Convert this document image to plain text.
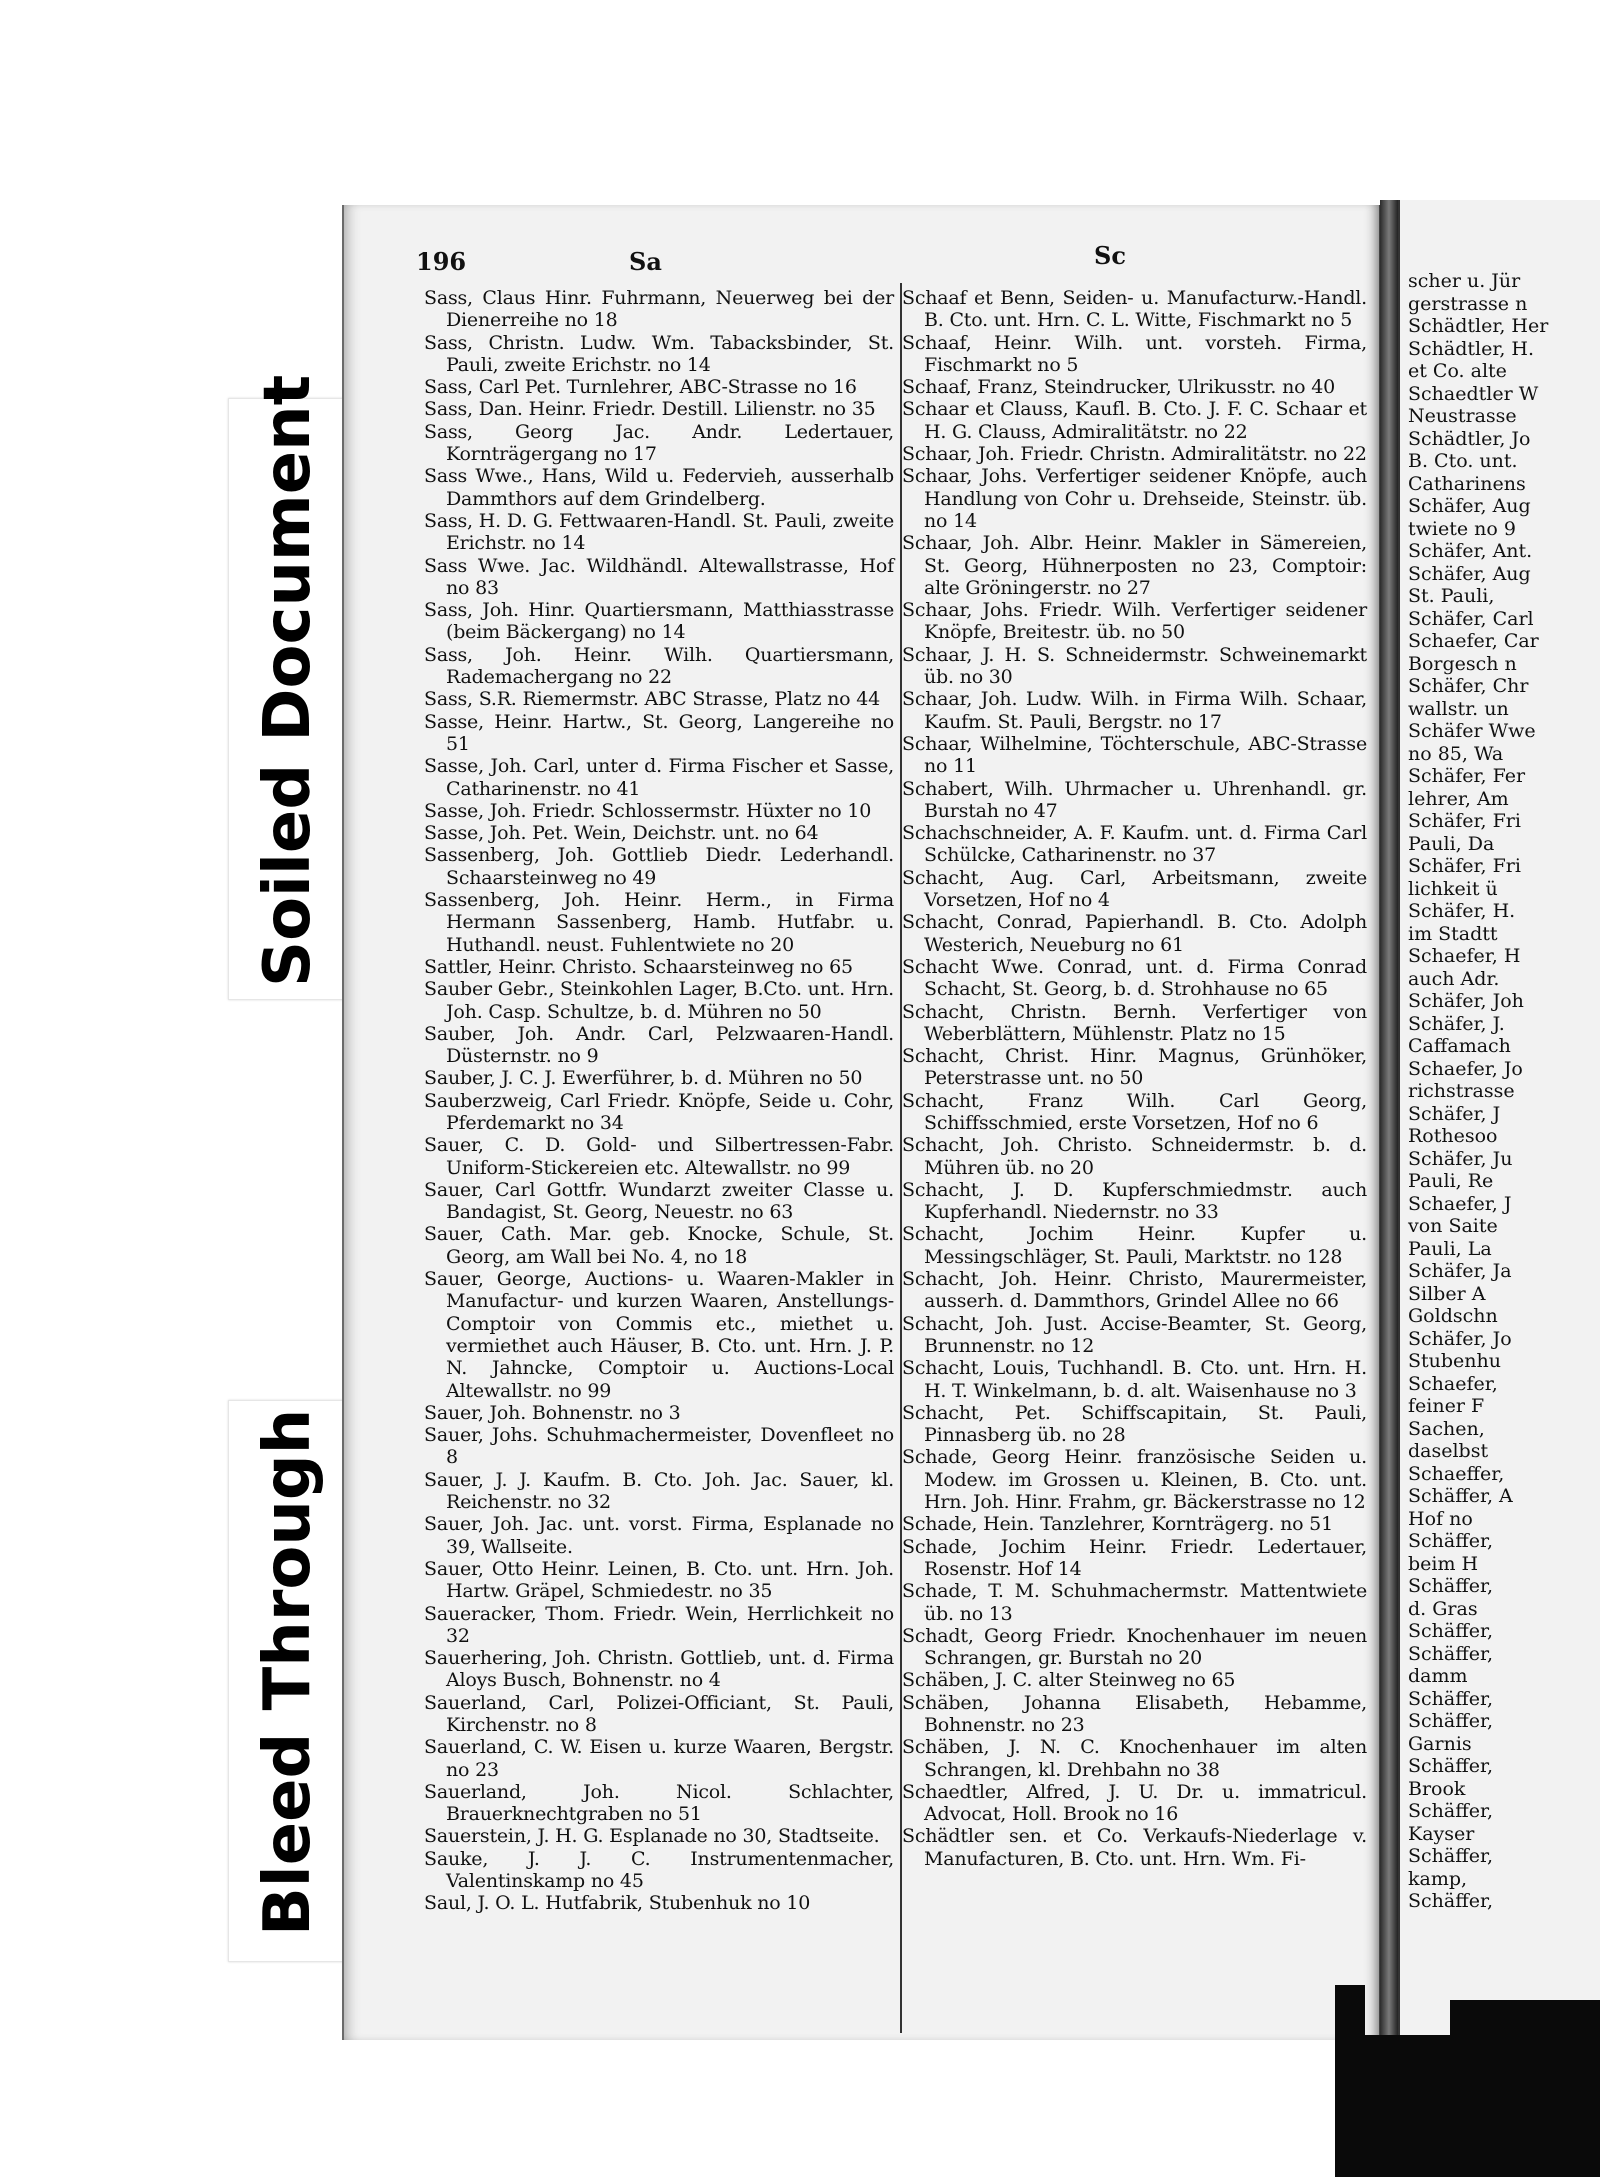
Soiled Document
Bleed Through
196	Sa	Sc
Sass, Claus Hinr. Fuhrmann, Neuerweg bei der Dienerreihe no 18
Sass, Christn. Ludw. Wm. Tabacksbinder, St. Pauli, zweite Erichstr. no 14
Sass, Carl Pet. Turnlehrer, ABC-Strasse no 16
Sass, Dan. Heinr. Friedr. Destill. Lilienstr. no 35
Sass, Georg Jac. Andr. Ledertauer, Kornträgergang no 17
Sass Wwe., Hans, Wild u. Federvieh, ausserhalb Dammthors auf dem Grindelberg.
Sass, H. D. G. Fettwaaren-Handl. St. Pauli, zweite Erichstr. no 14
Sass Wwe. Jac. Wildhändl. Altewallstrasse, Hof no 83
Sass, Joh. Hinr. Quartiersmann, Matthiasstrasse (beim Bäckergang) no 14
Sass, Joh. Heinr. Wilh. Quartiersmann, Rademachergang no 22
Sass, S.R. Riemermstr. ABC Strasse, Platz no 44
Sasse, Heinr. Hartw., St. Georg, Langereihe no 51
Sasse, Joh. Carl, unter d. Firma Fischer et Sasse, Catharinenstr. no 41
Sasse, Joh. Friedr. Schlossermstr. Hüxter no 10
Sasse, Joh. Pet. Wein, Deichstr. unt. no 64
Sassenberg, Joh. Gottlieb Diedr. Lederhandl. Schaarsteinweg no 49
Sassenberg, Joh. Heinr. Herm., in Firma Hermann Sassenberg, Hamb. Hutfabr. u. Huthandl. neust. Fuhlentwiete no 20
Sattler, Heinr. Christo. Schaarsteinweg no 65
Sauber Gebr., Steinkohlen Lager, B.Cto. unt. Hrn. Joh. Casp. Schultze, b. d. Mühren no 50
Sauber, Joh. Andr. Carl, Pelzwaaren-Handl. Düsternstr. no 9
Sauber, J. C. J. Ewerführer, b. d. Mühren no 50
Sauberzweig, Carl Friedr. Knöpfe, Seide u. Cohr, Pferdemarkt no 34
Sauer, C. D. Gold- und Silbertressen-Fabr. Uniform-Stickereien etc. Altewallstr. no 99
Sauer, Carl Gottfr. Wundarzt zweiter Classe u. Bandagist, St. Georg, Neuestr. no 63
Sauer, Cath. Mar. geb. Knocke, Schule, St. Georg, am Wall bei No. 4, no 18
Sauer, George, Auctions- u. Waaren-Makler in Manufactur- und kurzen Waaren, Anstellungs-Comptoir von Commis etc., miethet u. vermiethet auch Häuser, B. Cto. unt. Hrn. J. P. N. Jahncke, Comptoir u. Auctions-Local Altewallstr. no 99
Sauer, Joh. Bohnenstr. no 3
Sauer, Johs. Schuhmachermeister, Dovenfleet no 8
Sauer, J. J. Kaufm. B. Cto. Joh. Jac. Sauer, kl. Reichenstr. no 32
Sauer, Joh. Jac. unt. vorst. Firma, Esplanade no 39, Wallseite.
Sauer, Otto Heinr. Leinen, B. Cto. unt. Hrn. Joh. Hartw. Gräpel, Schmiedestr. no 35
Saueracker, Thom. Friedr. Wein, Herrlichkeit no 32
Sauerhering, Joh. Christn. Gottlieb, unt. d. Firma Aloys Busch, Bohnenstr. no 4
Sauerland, Carl, Polizei-Officiant, St. Pauli, Kirchenstr. no 8
Sauerland, C. W. Eisen u. kurze Waaren, Bergstr. no 23
Sauerland, Joh. Nicol. Schlachter, Brauerknechtgraben no 51
Sauerstein, J. H. G. Esplanade no 30, Stadtseite.
Sauke, J. J. C. Instrumentenmacher, Valentinskamp no 45
Saul, J. O. L. Hutfabrik, Stubenhuk no 10
Schaaf et Benn, Seiden- u. Manufacturw.-Handl. B. Cto. unt. Hrn. C. L. Witte, Fischmarkt no 5
Schaaf, Heinr. Wilh. unt. vorsteh. Firma, Fischmarkt no 5
Schaaf, Franz, Steindrucker, Ulrikusstr. no 40
Schaar et Clauss, Kaufl. B. Cto. J. F. C. Schaar et H. G. Clauss, Admiralitätstr. no 22
Schaar, Joh. Friedr. Christn. Admiralitätstr. no 22
Schaar, Johs. Verfertiger seidener Knöpfe, auch Handlung von Cohr u. Drehseide, Steinstr. üb. no 14
Schaar, Joh. Albr. Heinr. Makler in Sämereien, St. Georg, Hühnerposten no 23, Comptoir: alte Gröningerstr. no 27
Schaar, Johs. Friedr. Wilh. Verfertiger seidener Knöpfe, Breitestr. üb. no 50
Schaar, J. H. S. Schneidermstr. Schweinemarkt üb. no 30
Schaar, Joh. Ludw. Wilh. in Firma Wilh. Schaar, Kaufm. St. Pauli, Bergstr. no 17
Schaar, Wilhelmine, Töchterschule, ABC-Strasse no 11
Schabert, Wilh. Uhrmacher u. Uhrenhandl. gr. Burstah no 47
Schachschneider, A. F. Kaufm. unt. d. Firma Carl Schülcke, Catharinenstr. no 37
Schacht, Aug. Carl, Arbeitsmann, zweite Vorsetzen, Hof no 4
Schacht, Conrad, Papierhandl. B. Cto. Adolph Westerich, Neueburg no 61
Schacht Wwe. Conrad, unt. d. Firma Conrad Schacht, St. Georg, b. d. Strohhause no 65
Schacht, Christn. Bernh. Verfertiger von Weberblättern, Mühlenstr. Platz no 15
Schacht, Christ. Hinr. Magnus, Grünhöker, Peterstrasse unt. no 50
Schacht, Franz Wilh. Carl Georg, Schiffsschmied, erste Vorsetzen, Hof no 6
Schacht, Joh. Christo. Schneidermstr. b. d. Mühren üb. no 20
Schacht, J. D. Kupferschmiedmstr. auch Kupferhandl. Niedernstr. no 33
Schacht, Jochim Heinr. Kupfer u. Messingschläger, St. Pauli, Marktstr. no 128
Schacht, Joh. Heinr. Christo, Maurermeister, ausserh. d. Dammthors, Grindel Allee no 66
Schacht, Joh. Just. Accise-Beamter, St. Georg, Brunnenstr. no 12
Schacht, Louis, Tuchhandl. B. Cto. unt. Hrn. H. H. T. Winkelmann, b. d. alt. Waisenhause no 3
Schacht, Pet. Schiffscapitain, St. Pauli, Pinnasberg üb. no 28
Schade, Georg Heinr. französische Seiden u. Modew. im Grossen u. Kleinen, B. Cto. unt. Hrn. Joh. Hinr. Frahm, gr. Bäckerstrasse no 12
Schade, Hein. Tanzlehrer, Kornträgerg. no 51
Schade, Jochim Heinr. Friedr. Ledertauer, Rosenstr. Hof 14
Schade, T. M. Schuhmachermstr. Mattentwiete üb. no 13
Schadt, Georg Friedr. Knochenhauer im neuen Schrangen, gr. Burstah no 20
Schäben, J. C. alter Steinweg no 65
Schäben, Johanna Elisabeth, Hebamme, Bohnenstr. no 23
Schäben, J. N. C. Knochenhauer im alten Schrangen, kl. Drehbahn no 38
Schaedtler, Alfred, J. U. Dr. u. immatricul. Advocat, Holl. Brook no 16
Schädtler sen. et Co. Verkaufs-Niederlage v. Manufacturen, B. Cto. unt. Hrn. Wm. Fi-
scher u. Jür
gerstrasse n
Schädtler, Her
Schädtler, H.
et Co. alte
Schaedtler W
Neustrasse
Schädtler, Jo
B. Cto. unt.
Catharinens
Schäfer, Aug
twiete no 9
Schäfer, Ant.
Schäfer, Aug
St. Pauli,
Schäfer, Carl
Schaefer, Car
Borgesch n
Schäfer, Chr
wallstr. un
Schäfer Wwe
no 85, Wa
Schäfer, Fer
lehrer, Am
Schäfer, Fri
Pauli, Da
Schäfer, Fri
lichkeit ü
Schäfer, H.
im Stadtt
Schaefer, H
auch Adr.
Schäfer, Joh
Schäfer, J.
Caffamach
Schaefer, Jo
richstrasse
Schäfer, J
Rothesoo
Schäfer, Ju
Pauli, Re
Schaefer, J
von Saite
Pauli, La
Schäfer, Ja
Silber A
Goldschn
Schäfer, Jo
Stubenhu
Schaefer,
feiner F
Sachen,
daselbst
Schaeffer,
Schäffer, A
Hof no
Schäffer,
beim H
Schäffer,
d. Gras
Schäffer,
Schäffer,
damm
Schäffer,
Schäffer,
Garnis
Schäffer,
Brook
Schäffer,
Kayser
Schäffer,
kamp,
Schäffer,
